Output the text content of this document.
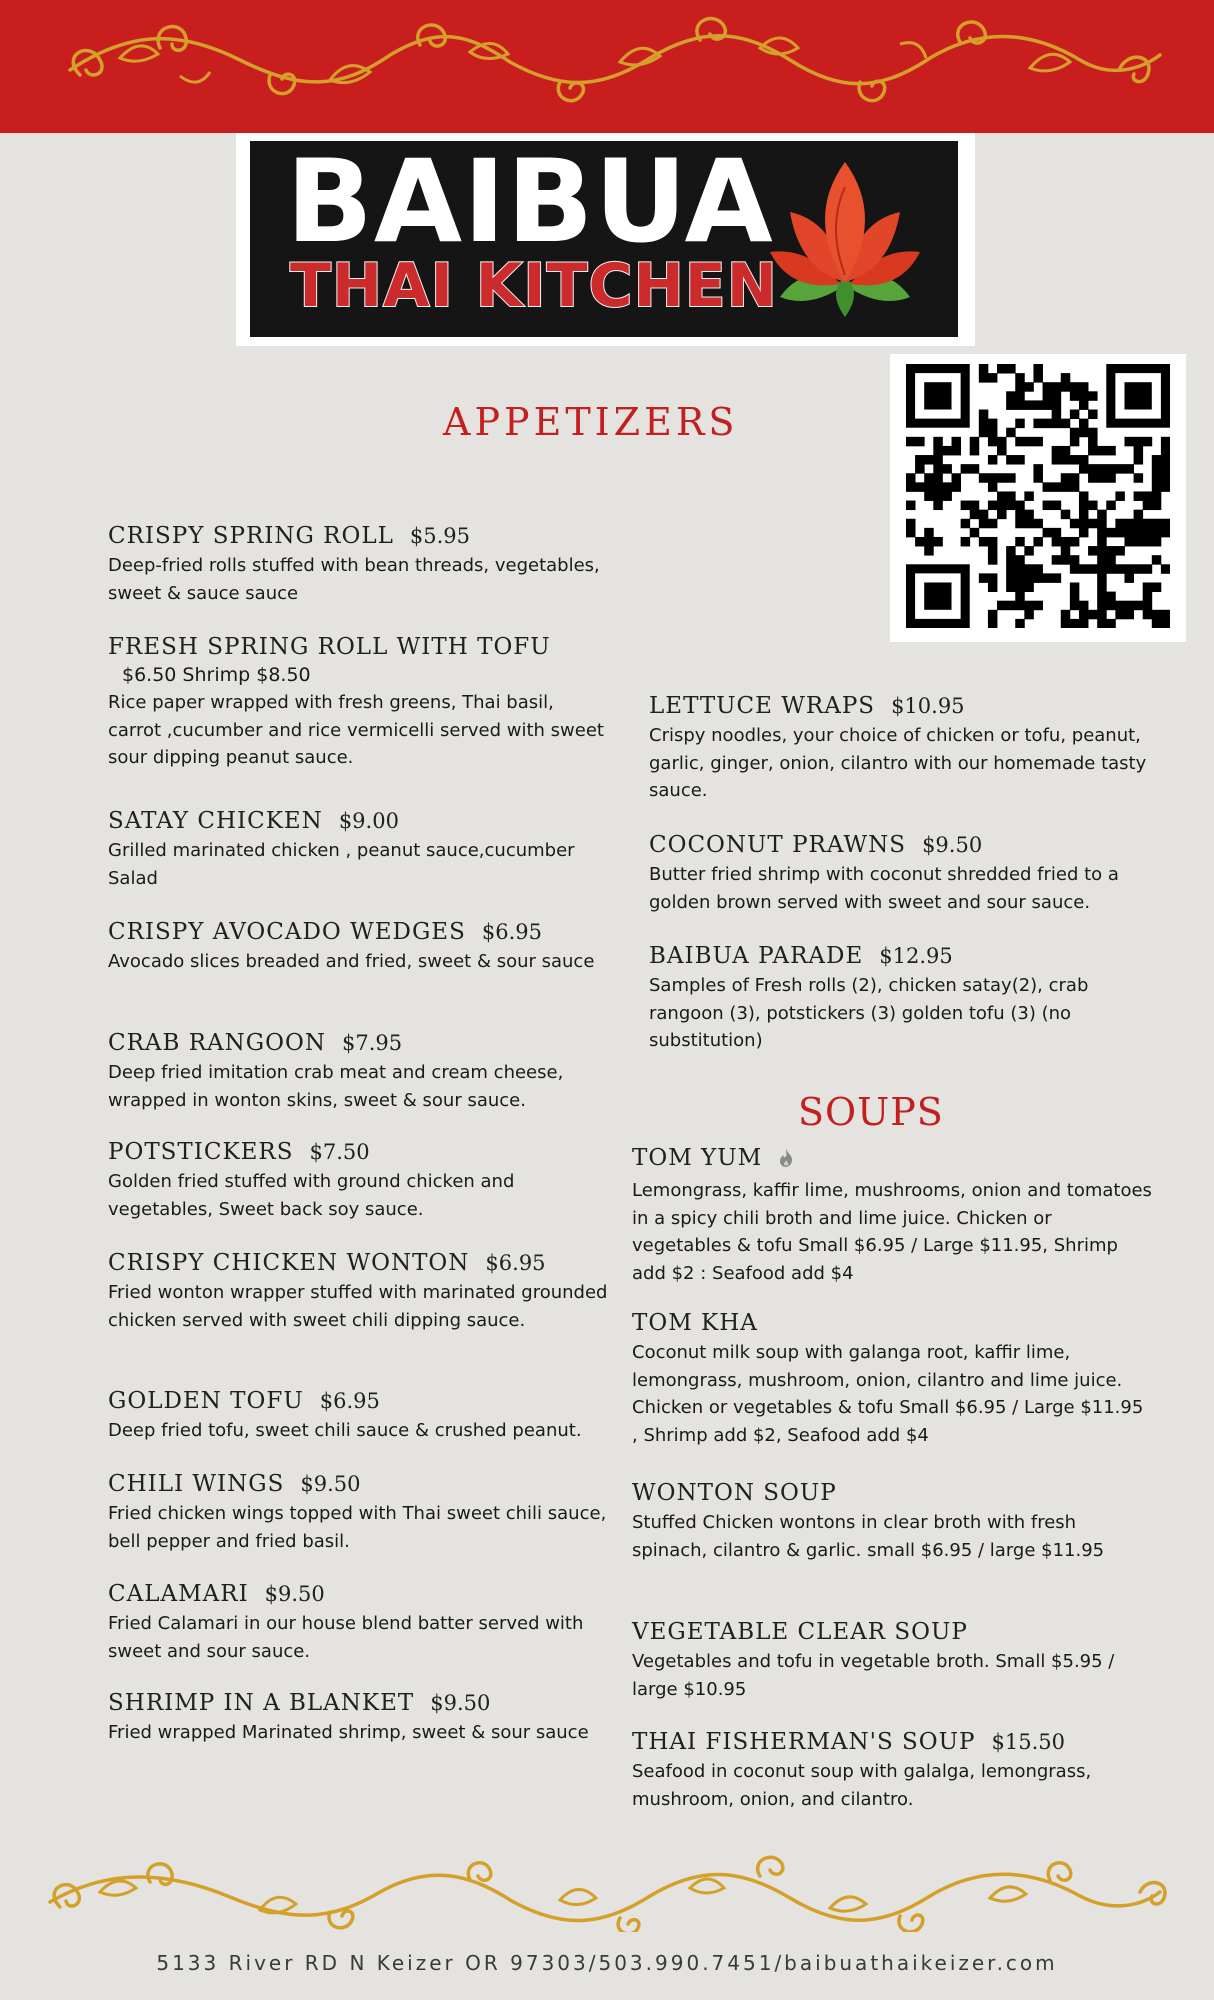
BAIBUA
THAI KITCHEN
APPETIZERS
CRISPY SPRING ROLL $5.95
Deep-fried rolls stuffed with bean threads, vegetables, sweet & sauce sauce
FRESH SPRING ROLL WITH TOFU
$6.50 Shrimp $8.50
Rice paper wrapped with fresh greens, Thai basil, carrot ,cucumber and rice vermicelli served with sweet sour dipping peanut sauce.
SATAY CHICKEN $9.00
Grilled marinated chicken , peanut sauce,cucumber Salad
CRISPY AVOCADO WEDGES $6.95
Avocado slices breaded and fried, sweet & sour sauce
CRAB RANGOON $7.95
Deep fried imitation crab meat and cream cheese, wrapped in wonton skins, sweet & sour sauce.
POTSTICKERS $7.50
Golden fried stuffed with ground chicken and vegetables, Sweet back soy sauce.
CRISPY CHICKEN WONTON $6.95
Fried wonton wrapper stuffed with marinated grounded chicken served with sweet chili dipping sauce.
GOLDEN TOFU $6.95
Deep fried tofu, sweet chili sauce & crushed peanut.
CHILI WINGS $9.50
Fried chicken wings topped with Thai sweet chili sauce, bell pepper and fried basil.
CALAMARI $9.50
Fried Calamari in our house blend batter served with sweet and sour sauce.
SHRIMP IN A BLANKET $9.50
Fried wrapped Marinated shrimp, sweet & sour sauce
LETTUCE WRAPS $10.95
Crispy noodles, your choice of chicken or tofu, peanut, garlic, ginger, onion, cilantro with our homemade tasty sauce.
COCONUT PRAWNS $9.50
Butter fried shrimp with coconut shredded fried to a golden brown served with sweet and sour sauce.
BAIBUA PARADE $12.95
Samples of Fresh rolls (2), chicken satay(2), crab rangoon (3), potstickers (3) golden tofu (3) (no substitution)
SOUPS
TOM YUM
Lemongrass, kaffir lime, mushrooms, onion and tomatoes in a spicy chili broth and lime juice. Chicken or vegetables & tofu Small $6.95 / Large $11.95, Shrimp add $2 : Seafood add $4
TOM KHA
Coconut milk soup with galanga root, kaffir lime, lemongrass, mushroom, onion, cilantro and lime juice. Chicken or vegetables & tofu Small $6.95 / Large $11.95 , Shrimp add $2, Seafood add $4
WONTON SOUP
Stuffed Chicken wontons in clear broth with fresh spinach, cilantro & garlic. small $6.95 / large $11.95
VEGETABLE CLEAR SOUP
Vegetables and tofu in vegetable broth. Small $5.95 / large $10.95
THAI FISHERMAN'S SOUP $15.50
Seafood in coconut soup with galalga, lemongrass, mushroom, onion, and cilantro.
5133 River RD N Keizer OR 97303/503.990.7451/baibuathaikeizer.com
